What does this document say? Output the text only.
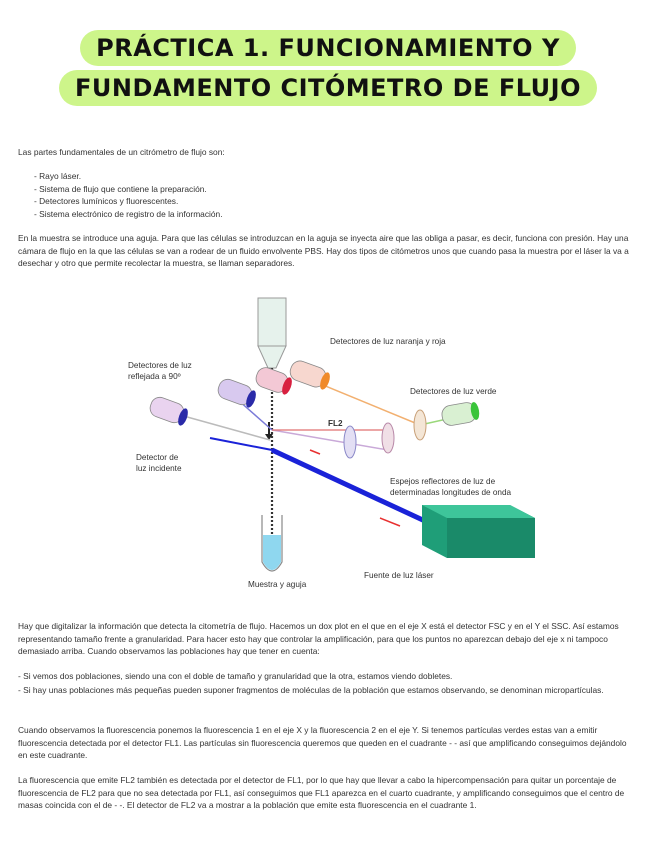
PRÁCTICA 1. FUNCIONAMIENTO Y
FUNDAMENTO CITÓMETRO DE FLUJO
Las partes fundamentales de un citrómetro de flujo son:
- Rayo láser.
- Sistema de flujo que contiene la preparación.
- Detectores lumínicos y fluorescentes.
- Sistema electrónico de registro de la información.
En la muestra se introduce una aguja. Para que las células se introduzcan en la aguja se inyecta aire que las obliga a pasar, es decir, funciona con presión. Hay una cámara de flujo en la que las células se van a rodear de un fluido envolvente PBS. Hay dos tipos de citómetros unos que cuando pasa la muestra por el láser la va a desechar y otro que permite recolectar la muestra, se llaman separadores.
Detectores de luz naranja y roja
Detectores de luz
reflejada a 90º
Detectores de luz verde
FL2
Detector de
luz incidente
Espejos reflectores de luz de
determinadas longitudes de onda
Muestra y aguja
Fuente de luz láser
Hay que digitalizar la información que detecta la citometría de flujo. Hacemos un dox plot en el que en el eje X está el detector FSC y en el Y el SSC. Así estamos representando tamaño frente a granularidad. Para hacer esto hay que controlar la amplificación, para que los puntos no aparezcan debajo del eje x ni tampoco demasiado arriba. Cuando observamos las poblaciones hay que tener en cuenta:
- Si vemos dos poblaciones, siendo una con el doble de tamaño y granularidad que la otra, estamos viendo dobletes.
- Si hay unas poblaciones más pequeñas pueden suponer fragmentos de moléculas de la población que estamos observando, se denominan micropartículas.
Cuando observamos la fluorescencia ponemos la fluorescencia 1 en el eje X y la fluorescencia 2 en el eje Y. Si tenemos partículas verdes estas van a emitir fluorescencia detectada por el detector FL1. Las partículas sin fluorescencia queremos que queden en el cuadrante - - así que amplificando conseguimos dejándolo en este cuadrante.
La fluorescencia que emite FL2 también es detectada por el detector de FL1, por lo que hay que llevar a cabo la hipercompensación para quitar un porcentaje de fluorescencia de FL2 para que no sea detectada por FL1, así conseguimos que FL1 aparezca en el cuarto cuadrante, y amplificando conseguimos que el centro de masas coincida con el de - -. El detector de FL2 va a mostrar a la población que emite esta fluorescencia en el cuadrante 1.
